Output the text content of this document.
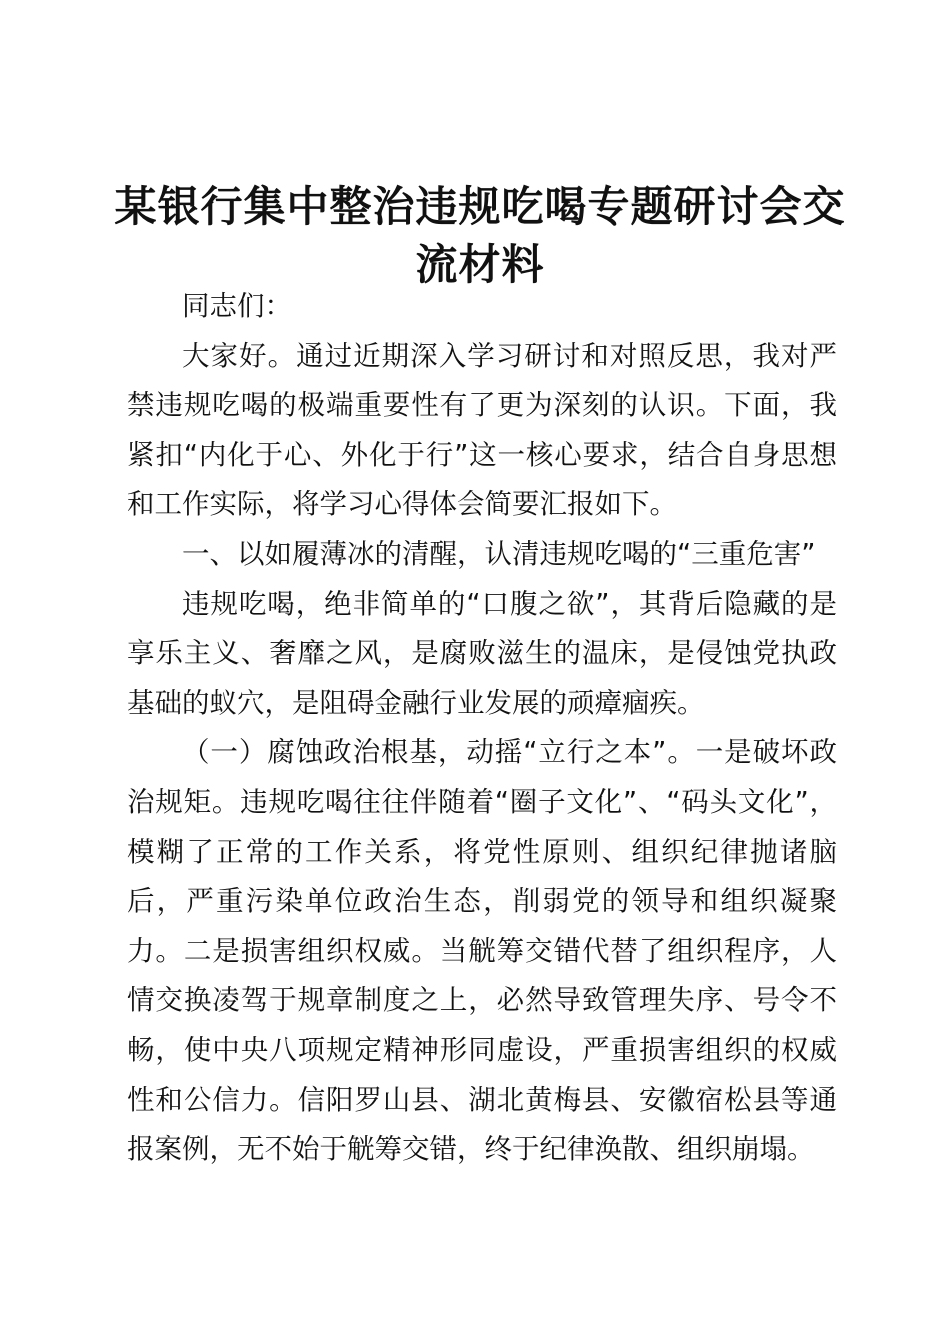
某银行集中整治违规吃喝专题研讨会交流材料

同志们：

大家好。通过近期深入学习研讨和对照反思，我对严禁违规吃喝的极端重要性有了更为深刻的认识。下面，我紧扣“内化于心、外化于行”这一核心要求，结合自身思想和工作实际，将学习心得体会简要汇报如下。

一、以如履薄冰的清醒，认清违规吃喝的“三重危害”

违规吃喝，绝非简单的“口腹之欲”，其背后隐藏的是享乐主义、奢靡之风，是腐败滋生的温床，是侵蚀党执政基础的蚁穴，是阻碍金融行业发展的顽瘴痼疾。

（一）腐蚀政治根基，动摇“立行之本”。一是破坏政治规矩。违规吃喝往往伴随着“圈子文化”、“码头文化”，模糊了正常的工作关系，将党性原则、组织纪律抛诸脑后，严重污染单位政治生态，削弱党的领导和组织凝聚力。二是损害组织权威。当觥筹交错代替了组织程序，人情交换凌驾于规章制度之上，必然导致管理失序、号令不畅，使中央八项规定精神形同虚设，严重损害组织的权威性和公信力。信阳罗山县、湖北黄梅县、安徽宿松县等通报案例，无不始于觥筹交错，终于纪律涣散、组织崩塌。
